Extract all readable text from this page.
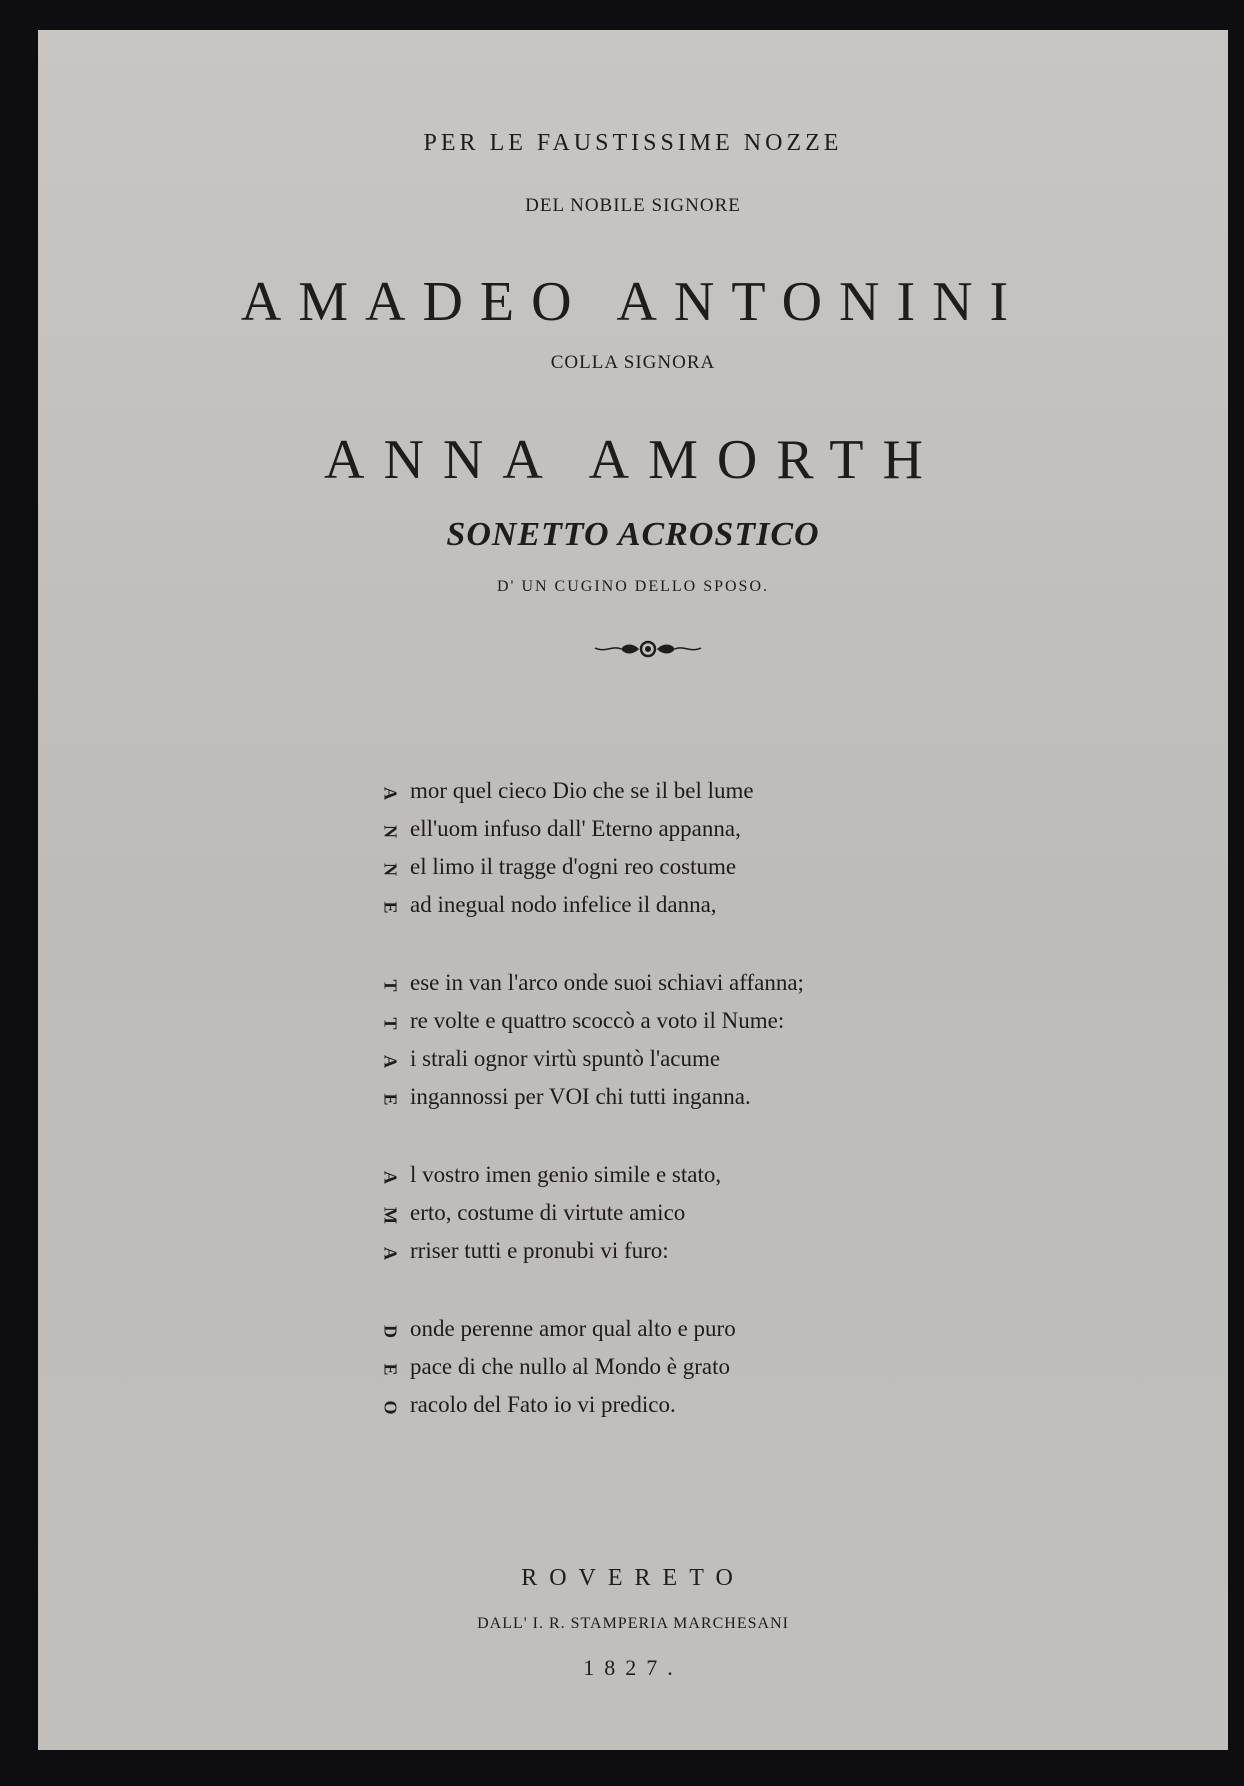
PER LE FAUSTISSIME NOZZE

DEL NOBILE SIGNORE

AMADEO ANTONINI

COLLA SIGNORA

ANNA AMORTH

SONETTO ACROSTICO

D' UN CUGINO DELLO SPOSO.

A mor quel cieco Dio che se il bel lume

N ell'uom infuso dall' Eterno appanna,

N el limo il tragge d'ogni reo costume

E ad inegual nodo infelice il danna,

T ese in van l'arco onde suoi schiavi affanna;

T re volte e quattro scoccò a voto il Nume:

A i strali ognor virtù spuntò l'acume

E ingannossi per VOI chi tutti inganna.

A l vostro imen genio simile e stato,

M erto, costume di virtute amico

A rriser tutti e pronubi vi furo:

D onde perenne amor qual alto e puro

E pace di che nullo al Mondo è grato

O racolo del Fato io vi predico.

ROVERETO

DALL' I. R. STAMPERIA MARCHESANI

1827.
